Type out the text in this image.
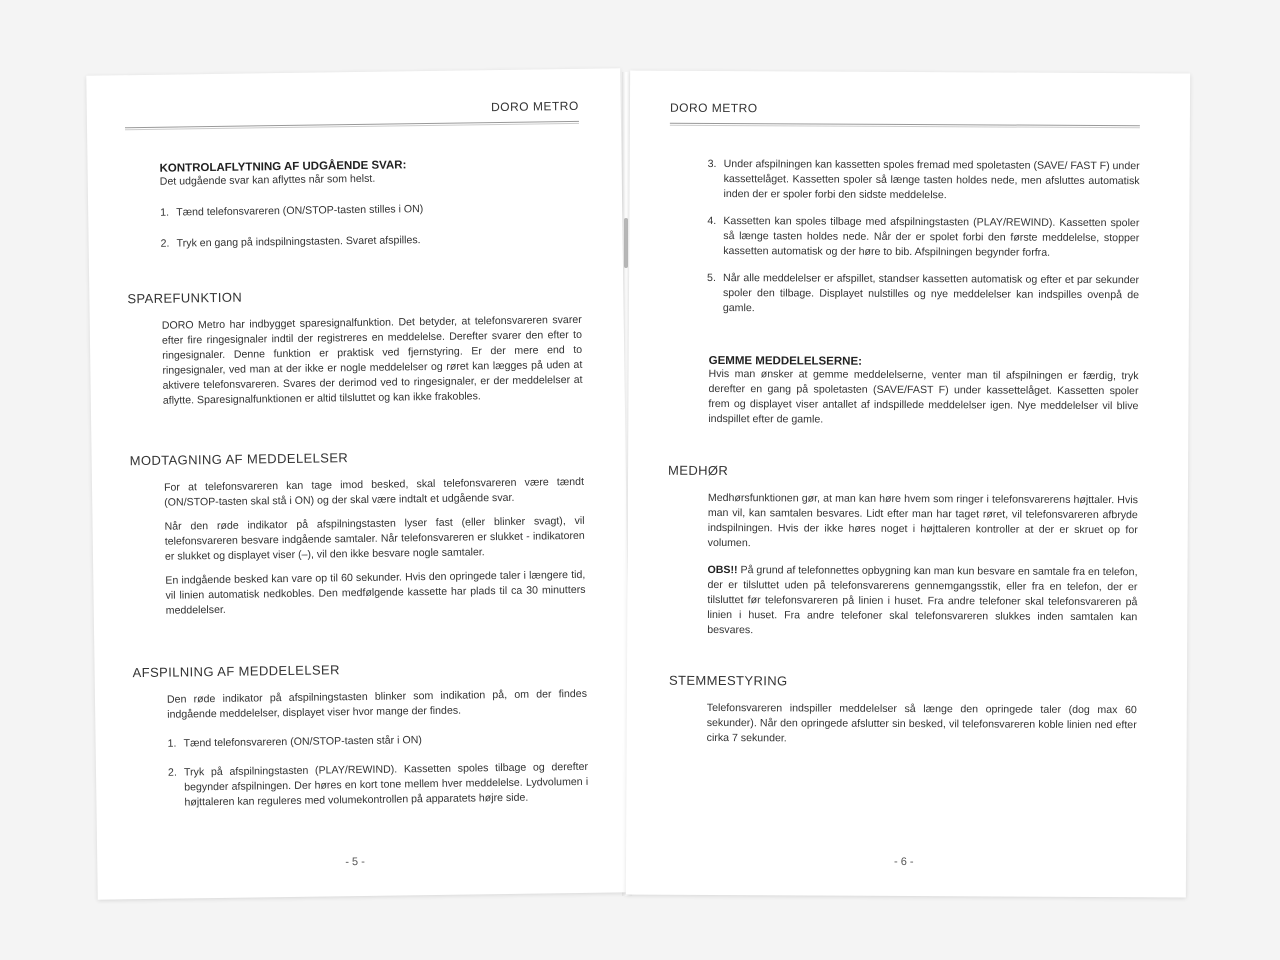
DORO METRO
KONTROLAFLYTNING AF UDGÅENDE SVAR:

Det udgående svar kan aflyttes når som helst.

1. Tænd telefonsvareren (ON/STOP-tasten stilles i ON)
2. Tryk en gang på indspilningstasten. Svaret afspilles.
SPAREFUNKTION

DORO Metro har indbygget sparesignalfunktion. Det betyder, at telefonsvareren svarer efter fire ringesignaler indtil der registreres en meddelelse. Derefter svarer den efter to ringesignaler. Denne funktion er praktisk ved fjernstyring. Er der mere end to ringesignaler, ved man at der ikke er nogle meddelelser og røret kan lægges på uden at aktivere telefonsvareren. Svares der derimod ved to ringesignaler, er der meddelelser at aflytte. Sparesignalfunktionen er altid tilsluttet og kan ikke frakobles.

MODTAGNING AF MEDDELELSER

For at telefonsvareren kan tage imod besked, skal telefonsvareren være tændt (ON/STOP-tasten skal stå i ON) og der skal være indtalt et udgående svar.

Når den røde indikator på afspilningstasten lyser fast (eller blinker svagt), vil telefonsvareren besvare indgående samtaler. Når telefonsvareren er slukket - indikatoren er slukket og displayet viser (–), vil den ikke besvare nogle samtaler.

En indgående besked kan vare op til 60 sekunder. Hvis den opringede taler i længere tid, vil linien automatisk nedkobles. Den medfølgende kassette har plads til ca 30 minutters meddelelser.

AFSPILNING AF MEDDELELSER

Den røde indikator på afspilningstasten blinker som indikation på, om der findes indgående meddelelser, displayet viser hvor mange der findes.

1. Tænd telefonsvareren (ON/STOP-tasten står i ON)
2. Tryk på afspilningstasten (PLAY/REWIND). Kassetten spoles tilbage og derefter begynder afspilningen. Der høres en kort tone mellem hver meddelelse. Lydvolumen i højttaleren kan reguleres med volumekontrollen på apparatets højre side.
- 5 -
DORO METRO
3. Under afspilningen kan kassetten spoles fremad med spoletasten (SAVE/ FAST F) under kassettelåget. Kassetten spoler så længe tasten holdes nede, men afsluttes automatisk inden der er spoler forbi den sidste meddelelse.
4. Kassetten kan spoles tilbage med afspilningstasten (PLAY/REWIND). Kassetten spoler så længe tasten holdes nede. Når der er spolet forbi den første meddelelse, stopper kassetten automatisk og der høre to bib. Afspilningen begynder forfra.
5. Når alle meddelelser er afspillet, standser kassetten automatisk og efter et par sekunder spoler den tilbage. Displayet nulstilles og nye meddelelser kan indspilles ovenpå de gamle.
GEMME MEDDELELSERNE:

Hvis man ønsker at gemme meddelelserne, venter man til afspilningen er færdig, tryk derefter en gang på spoletasten (SAVE/FAST F) under kassettelåget. Kassetten spoler frem og displayet viser antallet af indspillede meddelelser igen. Nye meddelelser vil blive indspillet efter de gamle.

MEDHØR

Medhørsfunktionen gør, at man kan høre hvem som ringer i telefonsvarerens højttaler. Hvis man vil, kan samtalen besvares. Lidt efter man har taget røret, vil telefonsvareren afbryde indspilningen. Hvis der ikke høres noget i højttaleren kontroller at der er skruet op for volumen.

OBS!! På grund af telefonnettes opbygning kan man kun besvare en samtale fra en telefon, der er tilsluttet uden på telefonsvarerens gennemgangsstik, eller fra en telefon, der er tilsluttet før telefonsvareren på linien i huset. Fra andre telefoner skal telefonsvareren på linien i huset. Fra andre telefoner skal telefonsvareren slukkes inden samtalen kan besvares.

STEMMESTYRING

Telefonsvareren indspiller meddelelser så længe den opringede taler (dog max 60 sekunder). Når den opringede afslutter sin besked, vil telefonsvareren koble linien ned efter cirka 7 sekunder.

- 6 -
